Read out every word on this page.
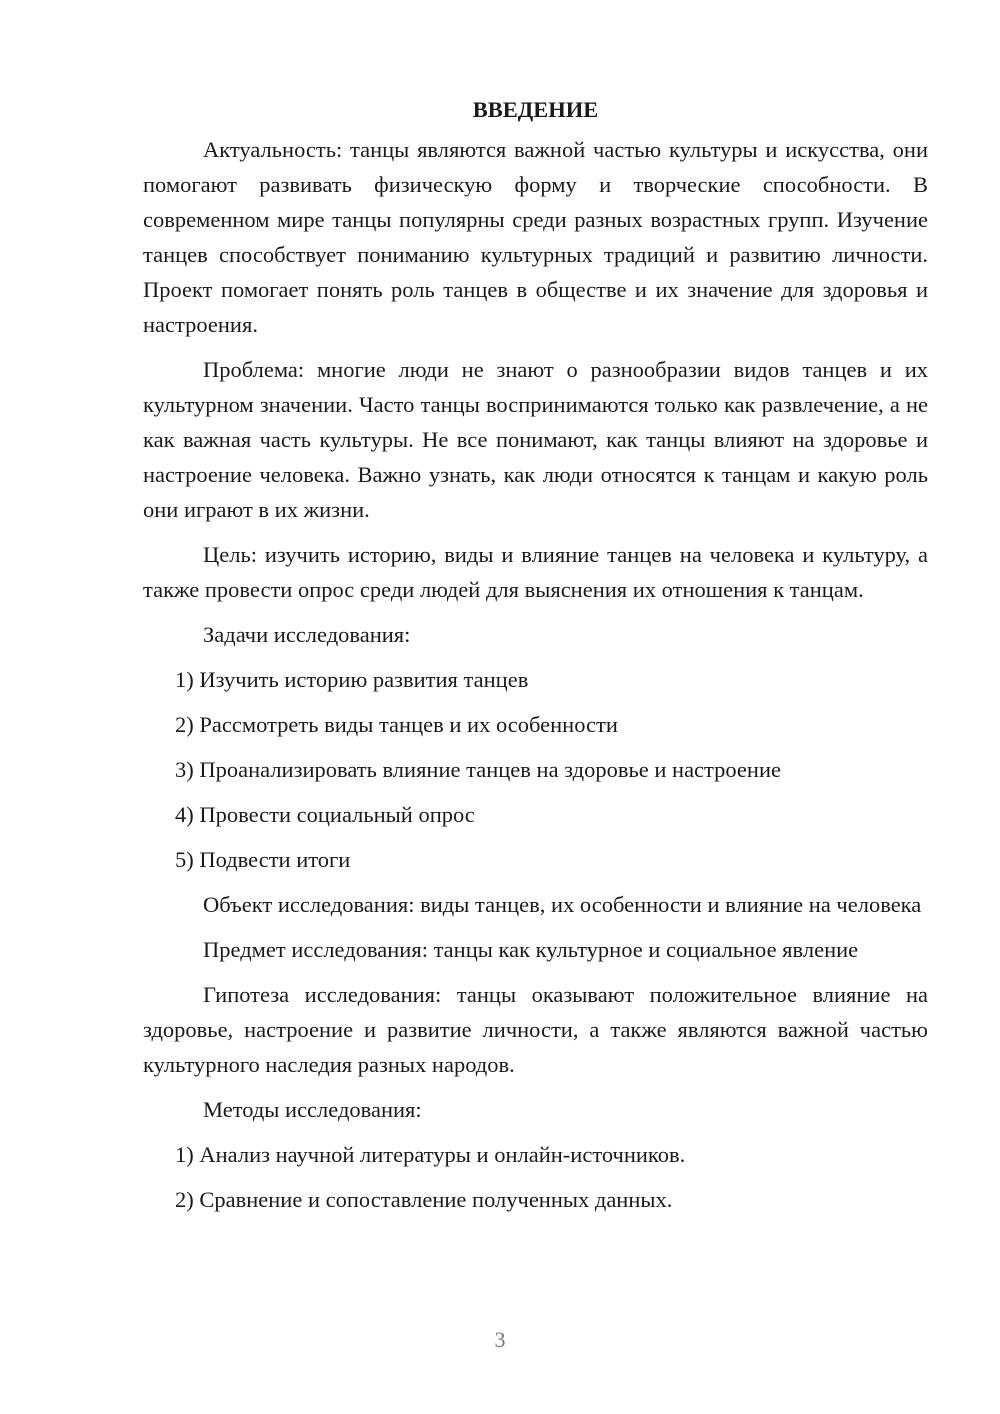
ВВЕДЕНИЕ

Актуальность: танцы являются важной частью культуры и искусства, они помогают развивать физическую форму и творческие способности. В современном мире танцы популярны среди разных возрастных групп. Изучение танцев способствует пониманию культурных традиций и развитию личности. Проект помогает понять роль танцев в обществе и их значение для здоровья и настроения.

Проблема: многие люди не знают о разнообразии видов танцев и их культурном значении. Часто танцы воспринимаются только как развлечение, а не как важная часть культуры. Не все понимают, как танцы влияют на здоровье и настроение человека. Важно узнать, как люди относятся к танцам и какую роль они играют в их жизни.

Цель: изучить историю, виды и влияние танцев на человека и культуру, а также провести опрос среди людей для выяснения их отношения к танцам.

Задачи исследования:

1) Изучить историю развития танцев

2) Рассмотреть виды танцев и их особенности

3) Проанализировать влияние танцев на здоровье и настроение

4) Провести социальный опрос

5) Подвести итоги

Объект исследования: виды танцев, их особенности и влияние на человека

Предмет исследования: танцы как культурное и социальное явление

Гипотеза исследования: танцы оказывают положительное влияние на здоровье, настроение и развитие личности, а также являются важной частью культурного наследия разных народов.

Методы исследования:

1) Анализ научной литературы и онлайн-источников.

2) Сравнение и сопоставление полученных данных.

3
